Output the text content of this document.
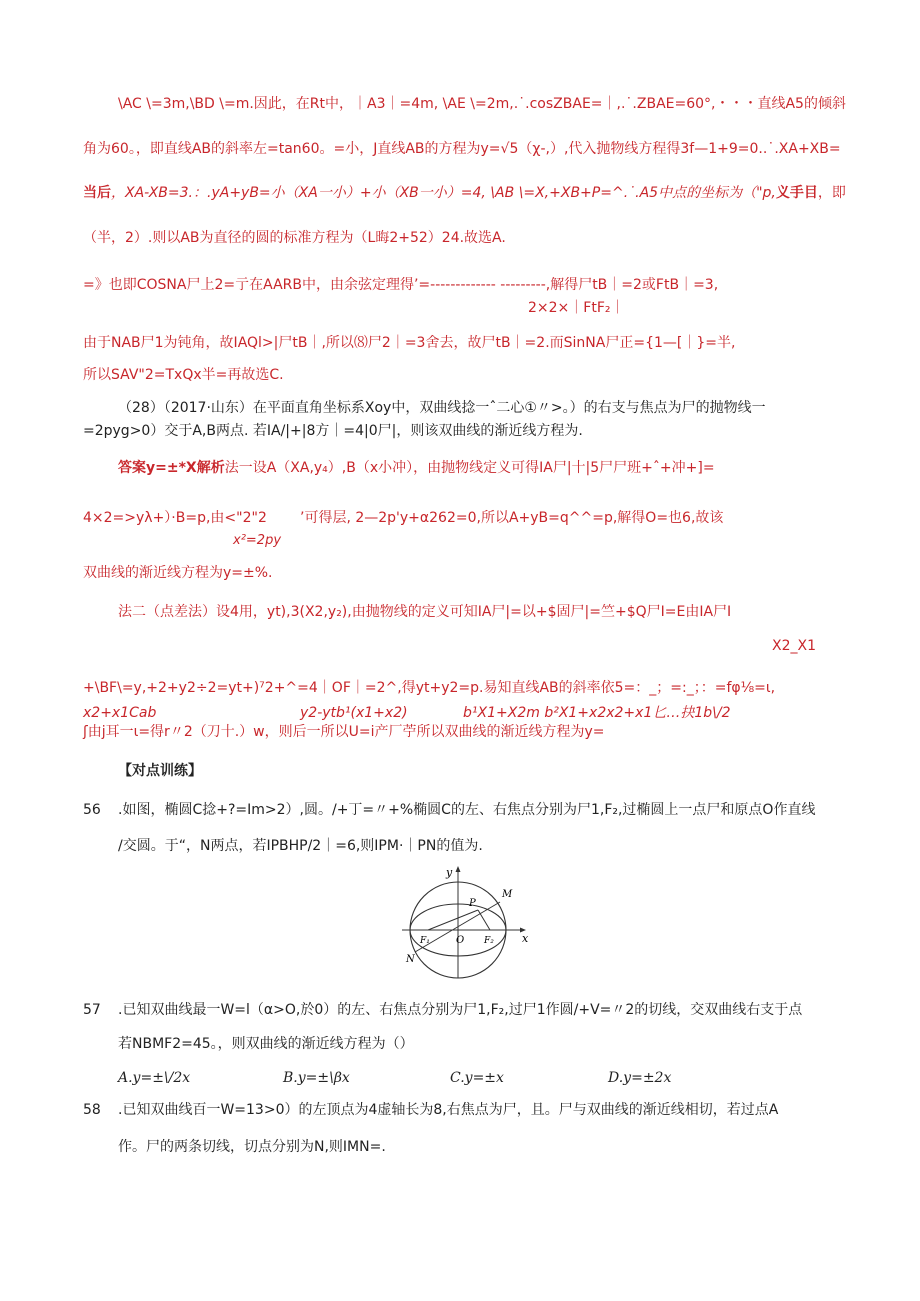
\AC \=3m,\BD \=m.因此，在Rt中，｜A3｜=4m, \AE \=2m,.˙.cosZBAE=｜,.˙.ZBAE=60°,・・・直线A5的倾斜
角为60。，即直线AB的斜率左=tan60。=小，J直线AB的方程为y=√5（χ-,）,代入抛物线方程得3f—1+9=0..˙.XA+XB=
当后，XA-XB=3.：.yA+yB=小（XA一小）+小（XB一小）=4, \AB \=X,+XB+P=^.˙.A5中点的坐标为（"p,义手目，即
（半，2）.则以AB为直径的圆的标准方程为（L晦2+52）24.故选A.
=》也即COSNA尸上2=亍在AARB中，由余弦定理得’=------------- ---------,解得尸tB｜=2或FtB｜=3,
2×2×｜FtF₂｜
由于NAB尸1为钝角，故IAQl>|尸tB｜,所以⑻尸2｜=3舍去，故尸tB｜=2.而SinNA尸正={1—[｜}=半,
所以SAV"2=TxQx半=再故选C.
（28）（2017·山东）在平面直角坐标系Xoy中，双曲线捻一ˆ二心①〃>。）的右支与焦点为尸的抛物线一
=2pyg>0）交于A,B两点. 若IA/|+|8方｜=4|0尸|，则该双曲线的渐近线方程为.
答案y=±*X解析法一设A（XA,y₄）,B（x小冲），由抛物线定义可得IA尸|十|5尸尸班+ˆ+冲+]=
4×2=>yλ+）·B=p,由<"2"2 ’可得层, 2—2p'y+α262=0,所以A+yB=q^^=p,解得O=也6,故该
x²=2py
双曲线的渐近线方程为y=±%.
法二（点差法）设4用，yt),3(X2,y₂),由抛物线的定义可知IA尸|=以+$固尸|=竺+$Q尸I=E由IA尸I
X2_X1
+\BF\=y,+2+y2÷2=yt+)⁷2+^=4｜OF｜=2^,得yt+y2=p.易知直线AB的斜率依5=：_；=:_；：=fφ⅛=ι,
x2+x1Cab	y2-ytb¹(x1+x2)	b¹X1+X2m b²X1+x2x2+x1匕…抉1b\/2
ʃ由j耳一ι=得r〃2（刀十.）w，则后一所以U=i产厂苧所以双曲线的渐近线方程为y=
【对点训练】
56 .如图，椭圆C捻+?=Im>2）,圆。/+丁=〃+%椭圆C的左、右焦点分别为尸1,F₂,过椭圆上一点尸和原点O作直线
/交圆。于“，N两点，若IPBHP/2｜=6,则IPM·｜PN的值为.
y
x
O
P
M
N
F₁	F₂
57 .已知双曲线最一W=l（α>O,於0）的左、右焦点分别为尸1,F₂,过尸1作圆/+V=〃2的切线，交双曲线右支于点
若NBMF2=45。，则双曲线的渐近线方程为（）
A.y=±\/2x	B.y=±\βx	C.y=±x	D.y=±2x
58 .已知双曲线百一W=13>0）的左顶点为4虚轴长为8,右焦点为尸，且。尸与双曲线的渐近线相切，若过点A
作。尸的两条切线，切点分别为N,则IMN=.
